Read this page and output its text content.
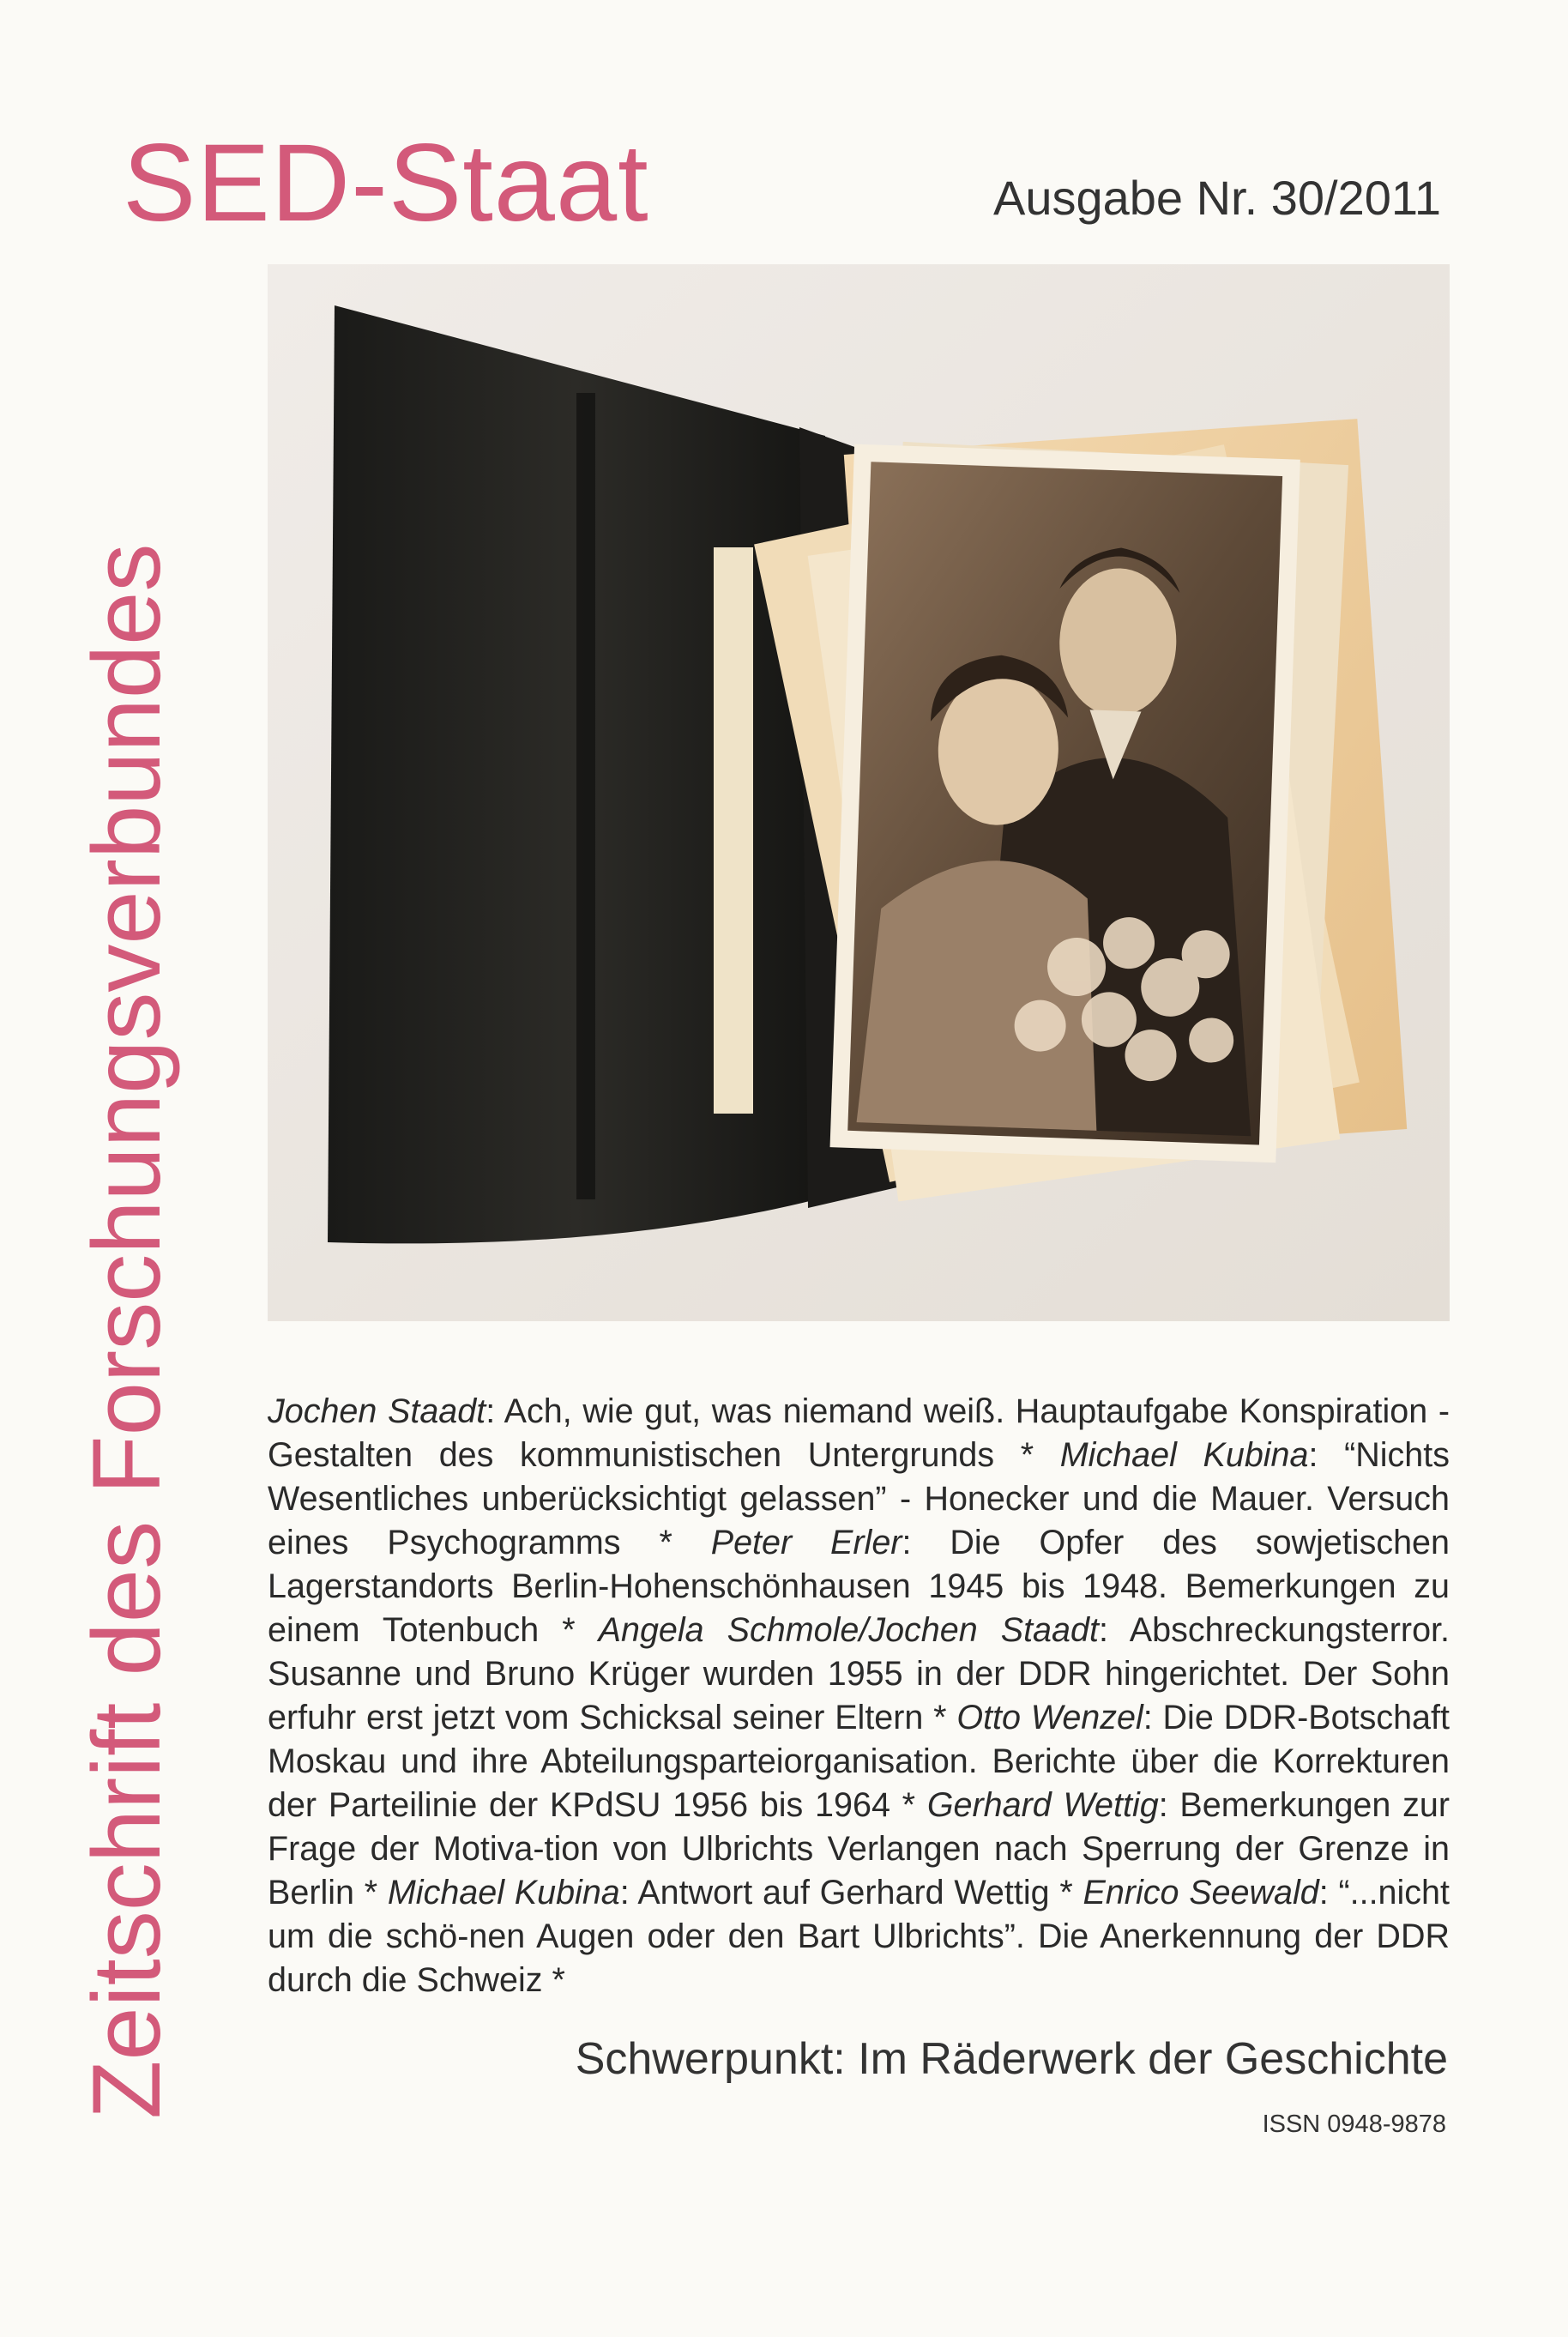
SED-Staat
Zeitschrift des Forschungsverbundes
Ausgabe Nr. 30/2011

Jochen Staadt: Ach, wie gut, was niemand weiß. Hauptaufgabe Konspiration - Gestalten des kommunistischen Untergrunds * Michael Kubina: “Nichts Wesentliches unberücksichtigt gelassen” - Honecker und die Mauer. Versuch eines Psychogramms * Peter Erler: Die Opfer des sowjetischen Lagerstandorts Berlin-Hohenschönhausen 1945 bis 1948. Bemerkungen zu einem Totenbuch * Angela Schmole/Jochen Staadt: Abschreckungsterror. Susanne und Bruno Krüger wurden 1955 in der DDR hingerichtet. Der Sohn erfuhr erst jetzt vom Schicksal seiner Eltern * Otto Wenzel: Die DDR-Botschaft Moskau und ihre Abteilungsparteiorganisation. Berichte über die Korrekturen der Parteilinie der KPdSU 1956 bis 1964 * Gerhard Wettig: Bemerkungen zur Frage der Motiva-tion von Ulbrichts Verlangen nach Sperrung der Grenze in Berlin * Michael Kubina: Antwort auf Gerhard Wettig * Enrico Seewald: “...nicht um die schö-nen Augen oder den Bart Ulbrichts”. Die Anerkennung der DDR durch die Schweiz *

Schwerpunkt: Im Räderwerk der Geschichte
ISSN 0948-9878
